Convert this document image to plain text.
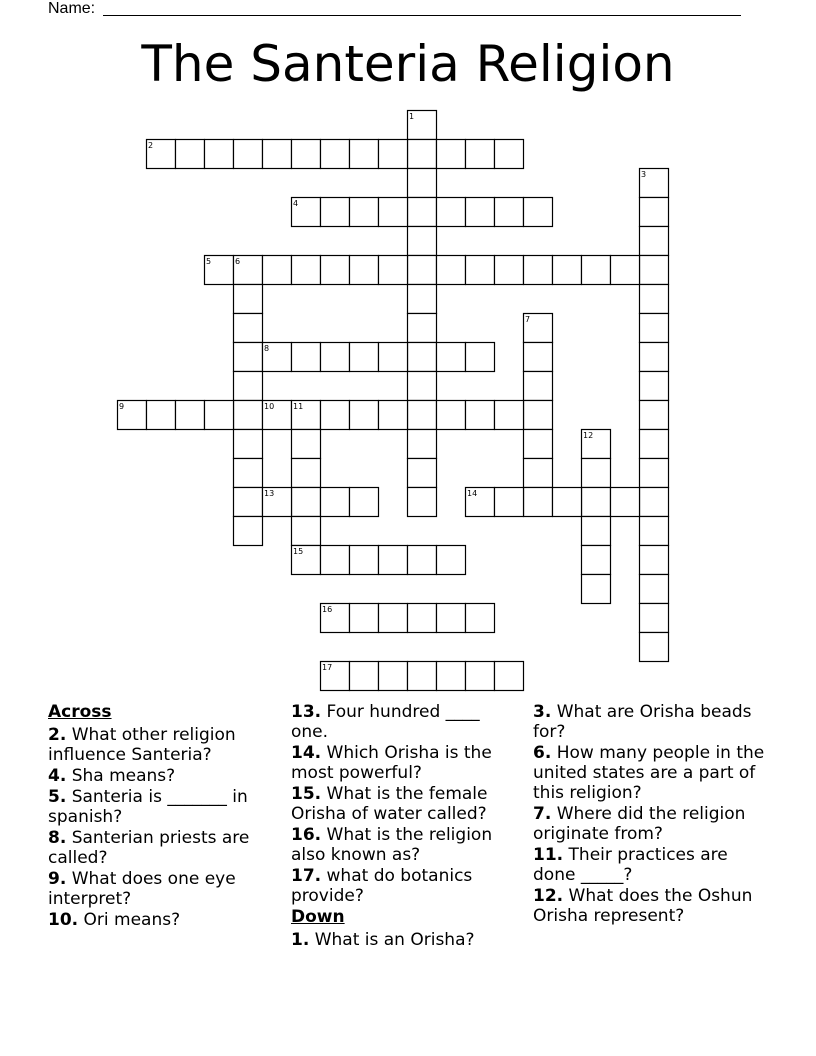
Name:
The Santeria Religion
1
2
3
4
5	6
7
8
9	10 11
12
13	14
15
16
17
Across
2. What other religion influence Santeria?
4. Sha means?
5. Santeria is _______ in spanish?
8. Santerian priests are called?
9. What does one eye interpret?
10. Ori means?
13. Four hundred ____ one.
14. Which Orisha is the most powerful?
15. What is the female Orisha of water called?
16. What is the religion also known as?
17. what do botanics provide?
Down
1. What is an Orisha?
3. What are Orisha beads for?
6. How many people in the united states are a part of this religion?
7. Where did the religion originate from?
11. Their practices are done _____?
12. What does the Oshun Orisha represent?
